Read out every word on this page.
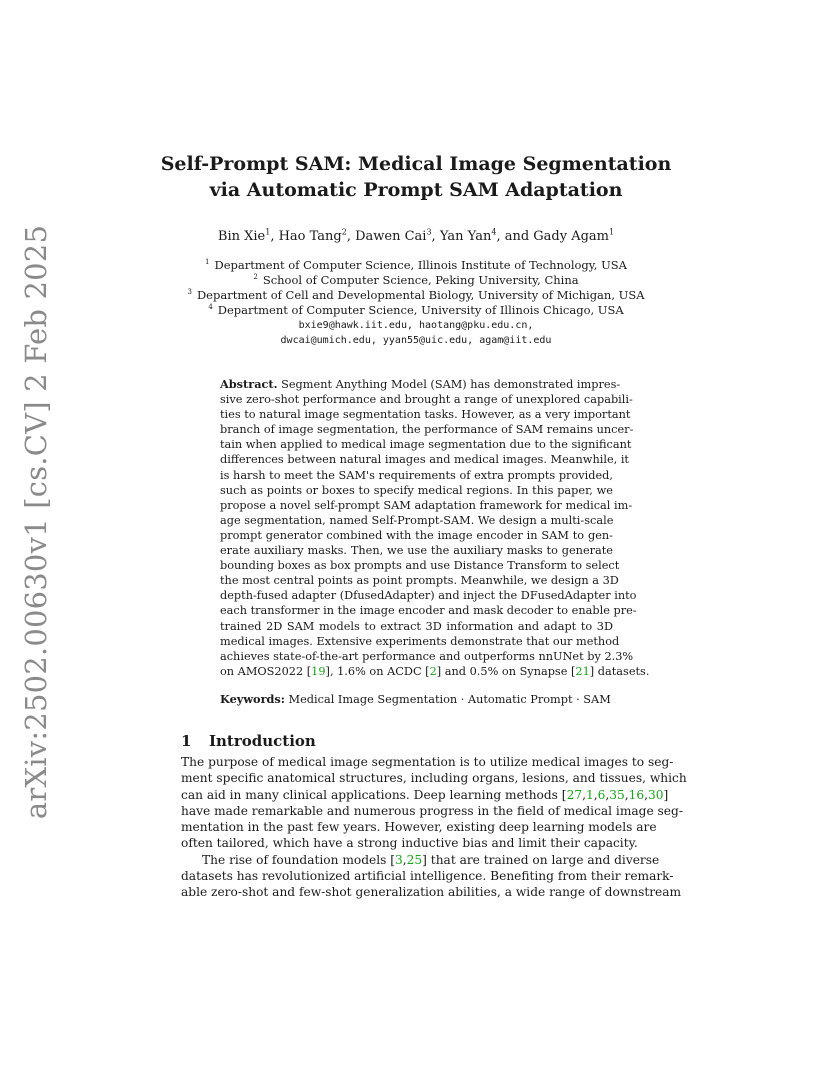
arXiv:2502.00630v1 [cs.CV] 2 Feb 2025
Self-Prompt SAM: Medical Image Segmentation
via Automatic Prompt SAM Adaptation
Bin Xie$^1$, Hao Tang$^2$, Dawen Cai$^3$, Yan Yan$^4$, and Gady Agam$^1$
$^1$ Department of Computer Science, Illinois Institute of Technology, USA
$^2$ School of Computer Science, Peking University, China
$^3$ Department of Cell and Developmental Biology, University of Michigan, USA
$^4$ Department of Computer Science, University of Illinois Chicago, USA
bxie9@hawk.iit.edu, haotang@pku.edu.cn,
dwcai@umich.edu, yyan55@uic.edu, agam@iit.edu
Abstract. Segment Anything Model (SAM) has demonstrated impres-
sive zero-shot performance and brought a range of unexplored capabili-
ties to natural image segmentation tasks. However, as a very important
branch of image segmentation, the performance of SAM remains uncer-
tain when applied to medical image segmentation due to the significant
differences between natural images and medical images. Meanwhile, it
is harsh to meet the SAM's requirements of extra prompts provided,
such as points or boxes to specify medical regions. In this paper, we
propose a novel self-prompt SAM adaptation framework for medical im-
age segmentation, named Self-Prompt-SAM. We design a multi-scale
prompt generator combined with the image encoder in SAM to gen-
erate auxiliary masks. Then, we use the auxiliary masks to generate
bounding boxes as box prompts and use Distance Transform to select
the most central points as point prompts. Meanwhile, we design a 3D
depth-fused adapter (DfusedAdapter) and inject the DFusedAdapter into
each transformer in the image encoder and mask decoder to enable pre-
trained 2D SAM models to extract 3D information and adapt to 3D
medical images. Extensive experiments demonstrate that our method
achieves state-of-the-art performance and outperforms nnUNet by 2.3%
on AMOS2022 [19], 1.6% on ACDC [2] and 0.5% on Synapse [21] datasets.
Keywords: Medical Image Segmentation · Automatic Prompt · SAM
1 Introduction
The purpose of medical image segmentation is to utilize medical images to seg-
ment specific anatomical structures, including organs, lesions, and tissues, which
can aid in many clinical applications. Deep learning methods [27,1,6,35,16,30]
have made remarkable and numerous progress in the field of medical image seg-
mentation in the past few years. However, existing deep learning models are
often tailored, which have a strong inductive bias and limit their capacity.
The rise of foundation models [3,25] that are trained on large and diverse
datasets has revolutionized artificial intelligence. Benefiting from their remark-
able zero-shot and few-shot generalization abilities, a wide range of downstream
